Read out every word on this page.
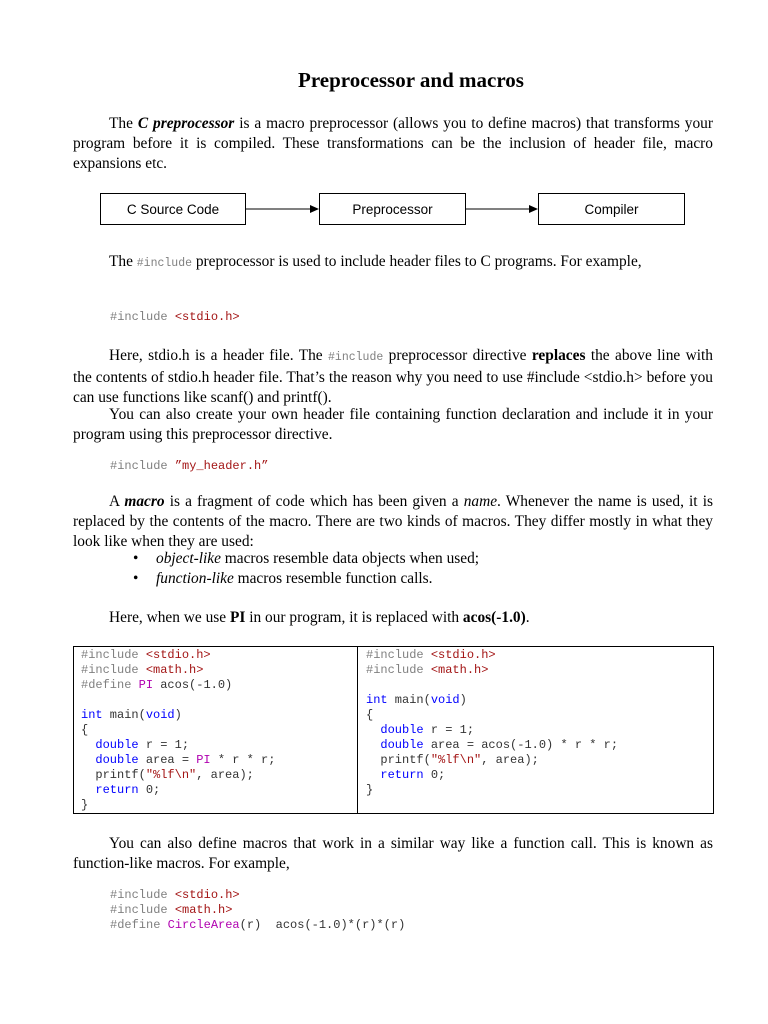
Preprocessor and macros

The C preprocessor is a macro preprocessor (allows you to define macros) that transforms your program before it is compiled. These transformations can be the inclusion of header file, macro expansions etc.

C Source Code	Preprocessor	Compiler

The #include preprocessor is used to include header files to C programs. For example,

#include <stdio.h>

Here, stdio.h is a header file. The #include preprocessor directive replaces the above line with the contents of stdio.h header file. That’s the reason why you need to use #include <stdio.h> before you can use functions like scanf() and printf().

You can also create your own header file containing function declaration and include it in your program using this preprocessor directive.

#include ”my_header.h”

A macro is a fragment of code which has been given a name. Whenever the name is used, it is replaced by the contents of the macro. There are two kinds of macros. They differ mostly in what they look like when they are used:

• object-like macros resemble data objects when used;
• function-like macros resemble function calls.

Here, when we use PI in our program, it is replaced with acos(-1.0).

#include <stdio.h>
#include <math.h>
#define PI acos(-1.0)

int main(void)
{
double r = 1;
double area = PI * r * r;
printf("%lf\n", area);
return 0;
}
#include <stdio.h>
#include <math.h>

int main(void)
{
double r = 1;
double area = acos(-1.0) * r * r;
printf("%lf\n", area);
return 0;
}

You can also define macros that work in a similar way like a function call. This is known as function-like macros. For example,

#include <stdio.h>
#include <math.h>
#define CircleArea(r)  acos(-1.0)*(r)*(r)
